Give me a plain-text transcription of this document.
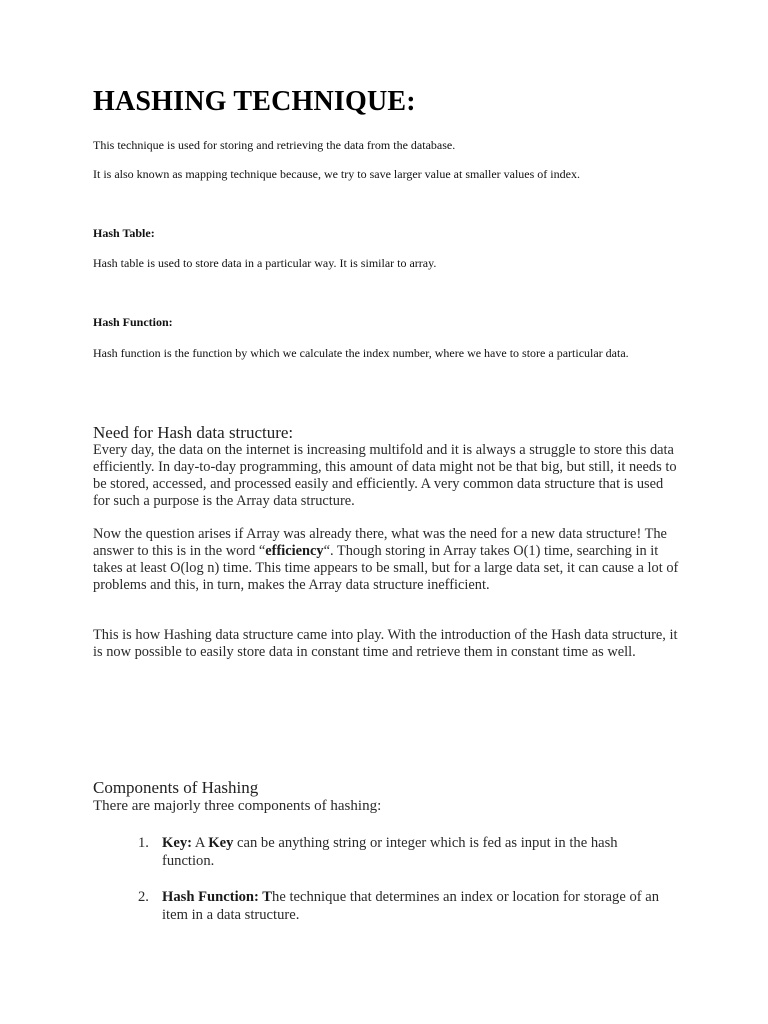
HASHING TECHNIQUE:

This technique is used for storing and retrieving the data from the database.

It is also known as mapping technique because, we try to save larger value at smaller values of index.

Hash Table:

Hash table is used to store data in a particular way. It is similar to array.

Hash Function:

Hash function is the function by which we calculate the index number, where we have to store a particular data.

Need for Hash data structure:

Every day, the data on the internet is increasing multifold and it is always a struggle to store this data efficiently. In day-to-day programming, this amount of data might not be that big, but still, it needs to be stored, accessed, and processed easily and efficiently. A very common data structure that is used for such a purpose is the Array data structure.

Now the question arises if Array was already there, what was the need for a new data structure! The answer to this is in the word “efficiency“. Though storing in Array takes O(1) time, searching in it takes at least O(log n) time. This time appears to be small, but for a large data set, it can cause a lot of problems and this, in turn, makes the Array data structure inefficient.

This is how Hashing data structure came into play. With the introduction of the Hash data structure, it is now possible to easily store data in constant time and retrieve them in constant time as well.

Components of Hashing

There are majorly three components of hashing:

1. Key: A Key can be anything string or integer which is fed as input in the hash function.
2. Hash Function: The technique that determines an index or location for storage of an item in a data structure.
